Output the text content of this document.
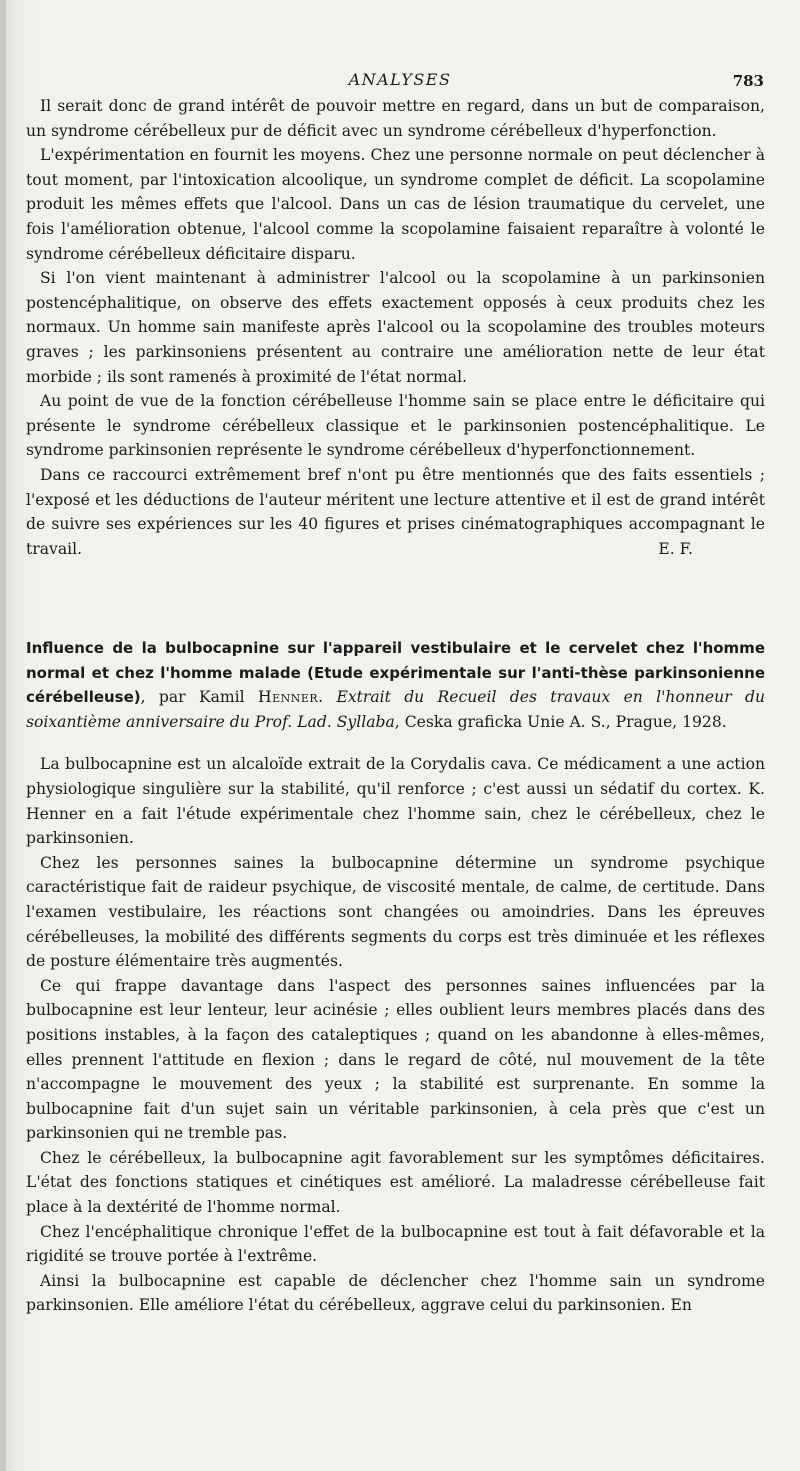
ANALYSES	783

Il serait donc de grand intérêt de pouvoir mettre en regard, dans un but de comparaison, un syndrome cérébelleux pur de déficit avec un syndrome cérébelleux d'hyperfonction.

L'expérimentation en fournit les moyens. Chez une personne normale on peut déclencher à tout moment, par l'intoxication alcoolique, un syndrome complet de déficit. La scopolamine produit les mêmes effets que l'alcool. Dans un cas de lésion traumatique du cervelet, une fois l'amélioration obtenue, l'alcool comme la scopolamine faisaient reparaître à volonté le syndrome cérébelleux déficitaire disparu.

Si l'on vient maintenant à administrer l'alcool ou la scopolamine à un parkinsonien postencéphalitique, on observe des effets exactement opposés à ceux produits chez les normaux. Un homme sain manifeste après l'alcool ou la scopolamine des troubles moteurs graves ; les parkinsoniens présentent au contraire une amélioration nette de leur état morbide ; ils sont ramenés à proximité de l'état normal.

Au point de vue de la fonction cérébelleuse l'homme sain se place entre le déficitaire qui présente le syndrome cérébelleux classique et le parkinsonien postencéphalitique. Le syndrome parkinsonien représente le syndrome cérébelleux d'hyperfonctionnement.

Dans ce raccourci extrêmement bref n'ont pu être mentionnés que des faits essentiels ; l'exposé et les déductions de l'auteur méritent une lecture attentive et il est de grand intérêt de suivre ses expériences sur les 40 figures et prises cinématographiques accompagnant le travail.	E. F.

Influence de la bulbocapnine sur l'appareil vestibulaire et le cervelet chez l'homme normal et chez l'homme malade (Etude expérimentale sur l'anti-thèse parkinsonienne cérébelleuse), par Kamil Henner. Extrait du Recueil des travaux en l'honneur du soixantième anniversaire du Prof. Lad. Syllaba, Ceska graficka Unie A. S., Prague, 1928.

La bulbocapnine est un alcaloïde extrait de la Corydalis cava. Ce médicament a une action physiologique singulière sur la stabilité, qu'il renforce ; c'est aussi un sédatif du cortex. K. Henner en a fait l'étude expérimentale chez l'homme sain, chez le cérébelleux, chez le parkinsonien.

Chez les personnes saines la bulbocapnine détermine un syndrome psychique caractéristique fait de raideur psychique, de viscosité mentale, de calme, de certitude. Dans l'examen vestibulaire, les réactions sont changées ou amoindries. Dans les épreuves cérébelleuses, la mobilité des différents segments du corps est très diminuée et les réflexes de posture élémentaire très augmentés.

Ce qui frappe davantage dans l'aspect des personnes saines influencées par la bulbocapnine est leur lenteur, leur acinésie ; elles oublient leurs membres placés dans des positions instables, à la façon des cataleptiques ; quand on les abandonne à elles-mêmes, elles prennent l'attitude en flexion ; dans le regard de côté, nul mouvement de la tête n'accompagne le mouvement des yeux ; la stabilité est surprenante. En somme la bulbocapnine fait d'un sujet sain un véritable parkinsonien, à cela près que c'est un parkinsonien qui ne tremble pas.

Chez le cérébelleux, la bulbocapnine agit favorablement sur les symptômes déficitaires. L'état des fonctions statiques et cinétiques est amélioré. La maladresse cérébelleuse fait place à la dextérité de l'homme normal.

Chez l'encéphalitique chronique l'effet de la bulbocapnine est tout à fait défavorable et la rigidité se trouve portée à l'extrême.

Ainsi la bulbocapnine est capable de déclencher chez l'homme sain un syndrome parkinsonien. Elle améliore l'état du cérébelleux, aggrave celui du parkinsonien. En
